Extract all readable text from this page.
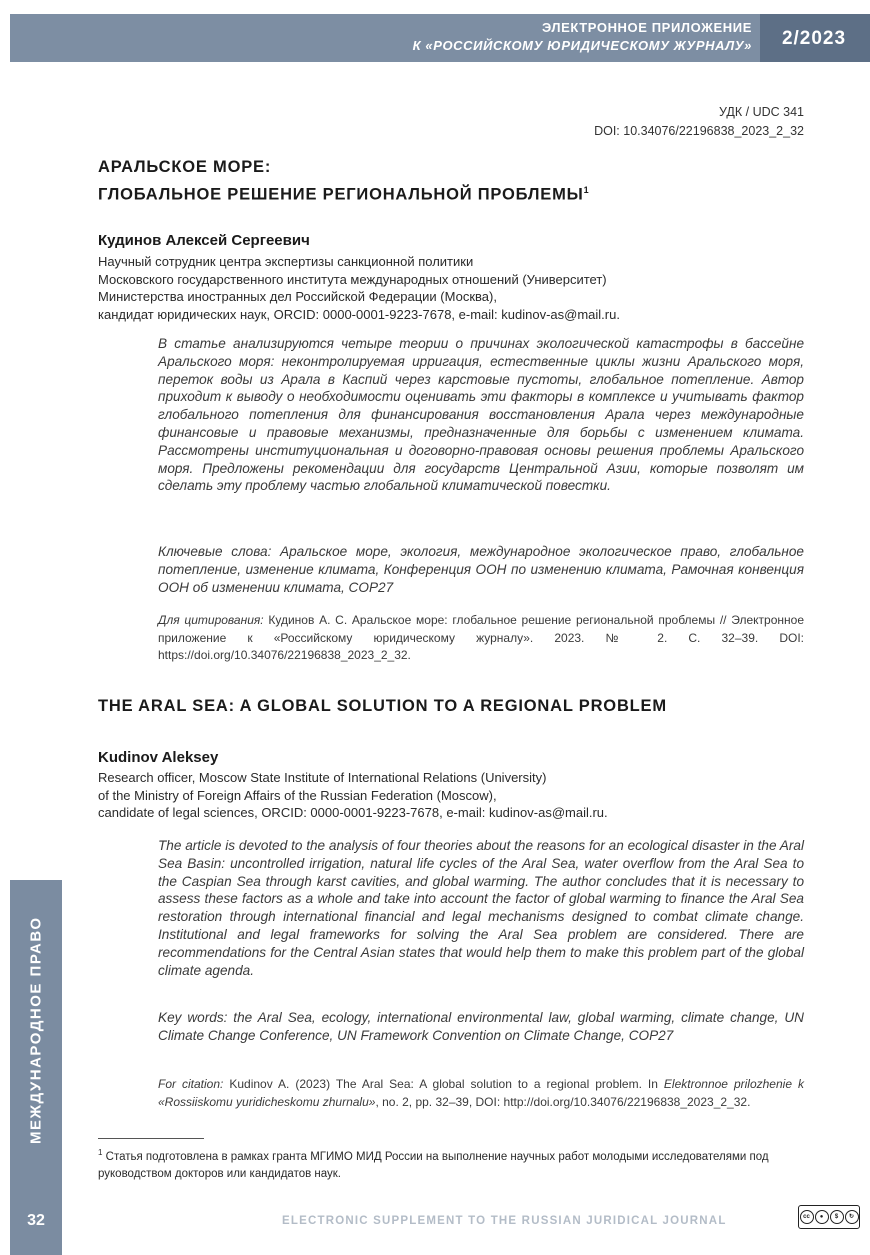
ЭЛЕКТРОННОЕ ПРИЛОЖЕНИЕ
К «РОССИЙСКОМУ ЮРИДИЧЕСКОМУ ЖУРНАЛУ»	2/2023
УДК / UDC 341
DOI: 10.34076/22196838_2023_2_32
АРАЛЬСКОЕ МОРЕ:
ГЛОБАЛЬНОЕ РЕШЕНИЕ РЕГИОНАЛЬНОЙ ПРОБЛЕМЫ$^1$
Кудинов Алексей Сергеевич
Научный сотрудник центра экспертизы санкционной политики
Московского государственного института международных отношений (Университет)
Министерства иностранных дел Российской Федерации (Москва),
кандидат юридических наук, ORCID: 0000-0001-9223-7678, e-mail: kudinov-as@mail.ru.
В статье анализируются четыре теории о причинах экологической катастрофы в бассейне Аральского моря: неконтролируемая ирригация, естественные циклы жизни Аральского моря, переток воды из Арала в Каспий через карстовые пустоты, глобальное потепление. Автор приходит к выводу о необходимости оценивать эти факторы в комплексе и учитывать фактор глобального потепления для финансирования восстановления Арала через международные финансовые и правовые механизмы, предназначенные для борьбы с изменением климата. Рассмотрены институциональная и договорно-правовая основы решения проблемы Аральского моря. Предложены рекомендации для государств Центральной Азии, которые позволят им сделать эту проблему частью глобальной климатической повестки.
Ключевые слова: Аральское море, экология, международное экологическое право, глобальное потепление, изменение климата, Конференция ООН по изменению климата, Рамочная конвенция ООН об изменении климата, COP27
Для цитирования: Кудинов А. С. Аральское море: глобальное решение региональной проблемы // Электронное приложение к «Российскому юридическому журналу». 2023. № 2. С. 32–39. DOI: https://doi.org/10.34076/22196838_2023_2_32.
THE ARAL SEA: A GLOBAL SOLUTION TO A REGIONAL PROBLEM
Kudinov Aleksey
Research officer, Moscow State Institute of International Relations (University)
of the Ministry of Foreign Affairs of the Russian Federation (Moscow),
candidate of legal sciences, ORCID: 0000-0001-9223-7678, e-mail: kudinov-as@mail.ru.
The article is devoted to the analysis of four theories about the reasons for an ecological disaster in the Aral Sea Basin: uncontrolled irrigation, natural life cycles of the Aral Sea, water overflow from the Aral Sea to the Caspian Sea through karst cavities, and global warming. The author concludes that it is necessary to assess these factors as a whole and take into account the factor of global warming to finance the Aral Sea restoration through international financial and legal mechanisms designed to combat climate change. Institutional and legal frameworks for solving the Aral Sea problem are considered. There are recommendations for the Central Asian states that would help them to make this problem part of the global climate agenda.
Key words: the Aral Sea, ecology, international environmental law, global warming, climate change, UN Climate Change Conference, UN Framework Convention on Climate Change, COP27
For citation: Kudinov A. (2023) The Aral Sea: A global solution to a regional problem. In Elektronnoe prilozhenie k «Rossiiskomu yuridicheskomu zhurnalu», no. 2, pp. 32–39, DOI: http://doi.org/10.34076/22196838_2023_2_32.
$^1$ Статья подготовлена в рамках гранта МГИМО МИД России на выполнение научных работ молодыми исследователями под руководством докторов или кандидатов наук.
МЕЖДУНАРОДНОЕ ПРАВО
32	ELECTRONIC SUPPLEMENT TO THE RUSSIAN JURIDICAL JOURNAL	cc	●	$	↻
